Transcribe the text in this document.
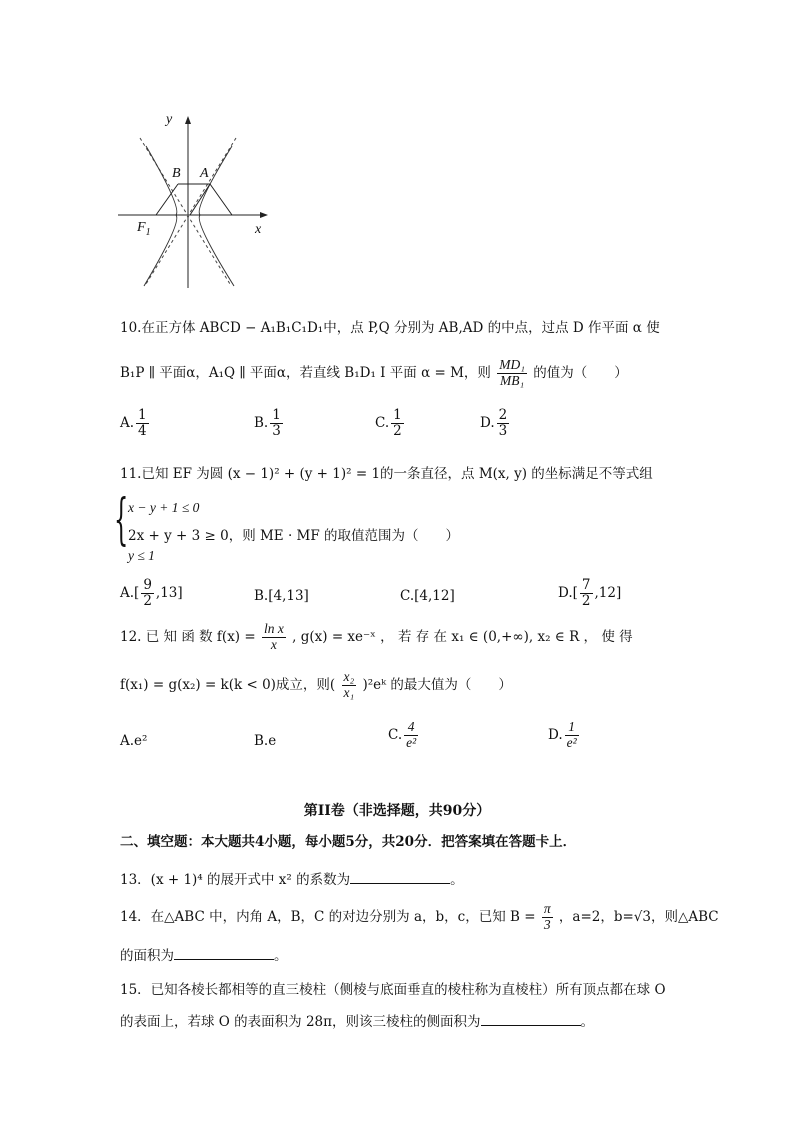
y
x
B A
$F_1$
10.在正方体 ABCD − A₁B₁C₁D₁中，点 P,Q 分别为 AB,AD 的中点，过点 D 作平面 α 使
B₁P ∥ 平面α，A₁Q ∥ 平面α，若直线 B₁D₁ I 平面 α = M，则 $\frac{\text{MD₁}}{\text{MB₁}}$ 的值为（　　）
A. $\frac{1}{4}$	B. $\frac{1}{3}$	C. $\frac{1}{2}$	D. $\frac{2}{3}$
11.已知 EF 为圆 (x − 1)² + (y + 1)² = 1的一条直径，点 M(x, y) 的坐标满足不等式组
{ x − y + 1 ≤ 0
2x + y + 3 ≥ 0，则 ME · MF 的取值范围为（　　）
y ≤ 1
$A.[ \frac{9}{2} ,13]$	B.[4,13]	C.[4,12]	$D.[ \frac{7}{2} ,12]$
12. 已 知 函 数 $f(x) = \frac{\text{ln x}}{x}$ , g(x) = xe⁻ˣ ， 若 存 在 x₁ ∈ (0,+∞), x₂ ∈ R ， 使 得
f(x₁) = g(x₂) = k(k < 0)成立，则( $\frac{\text{x₂}}{\text{x₁}}$ )²eᵏ 的最大值为（　　）
A.e²	B.e	C. $\frac{4}{\text{e²}}$	D. $\frac{1}{\text{e²}}$
第II卷（非选择题，共90分）
二、填空题：本大题共4小题，每小题5分，共20分．把答案填在答题卡上．
13．(x + 1)⁴ 的展开式中 x² 的系数为	。
14．在△ABC 中，内角 A，B，C 的对边分别为 a，b，c，已知 $B = \frac{\pi}{3}$ ，a=2，b=√3，则△ABC
的面积为	。
15．已知各棱长都相等的直三棱柱（侧棱与底面垂直的棱柱称为直棱柱）所有顶点都在球 O
的表面上，若球 O 的表面积为 28π，则该三棱柱的侧面积为	。
